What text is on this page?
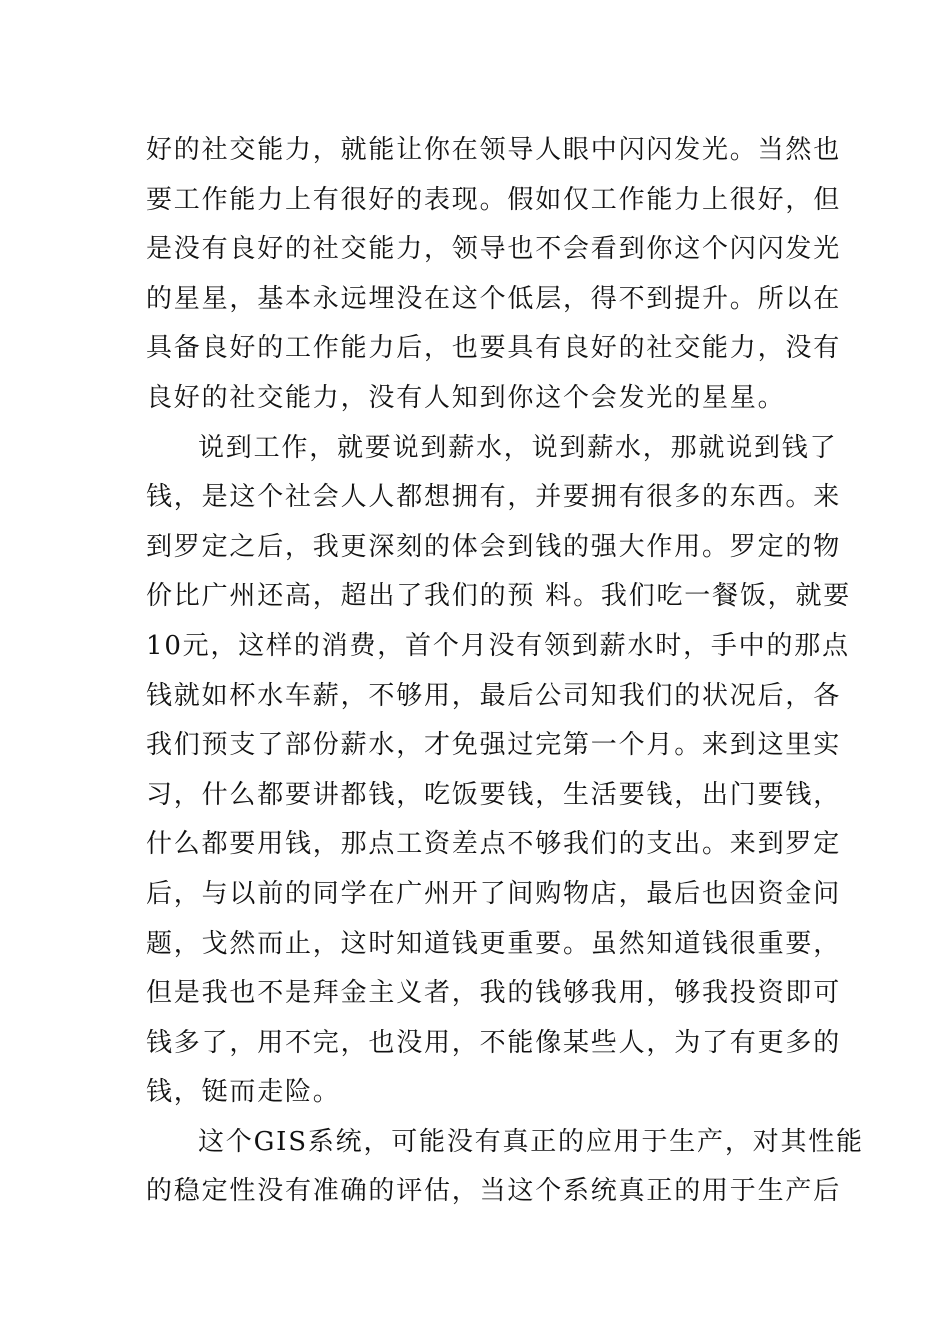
好的社交能力，就能让你在领导人眼中闪闪发光。当然也
要工作能力上有很好的表现。假如仅工作能力上很好，但
是没有良好的社交能力，领导也不会看到你这个闪闪发光
的星星，基本永远埋没在这个低层，得不到提升。所以在
具备良好的工作能力后，也要具有良好的社交能力，没有
良好的社交能力，没有人知到你这个会发光的星星。
说到工作，就要说到薪水，说到薪水，那就说到钱了
钱，是这个社会人人都想拥有，并要拥有很多的东西。来
到罗定之后，我更深刻的体会到钱的强大作用。罗定的物
价比广州还高，超出了我们的预 料。我们吃一餐饭，就要
10元，这样的消费，首个月没有领到薪水时，手中的那点
钱就如杯水车薪，不够用，最后公司知我们的状况后，各
我们预支了部份薪水，才免强过完第一个月。来到这里实
习，什么都要讲都钱，吃饭要钱，生活要钱，出门要钱，
什么都要用钱，那点工资差点不够我们的支出。来到罗定
后，与以前的同学在广州开了间购物店，最后也因资金问
题，戈然而止，这时知道钱更重要。虽然知道钱很重要，
但是我也不是拜金主义者，我的钱够我用，够我投资即可
钱多了，用不完，也没用，不能像某些人，为了有更多的
钱，铤而走险。
这个GIS系统，可能没有真正的应用于生产，对其性能
的稳定性没有准确的评估，当这个系统真正的用于生产后
